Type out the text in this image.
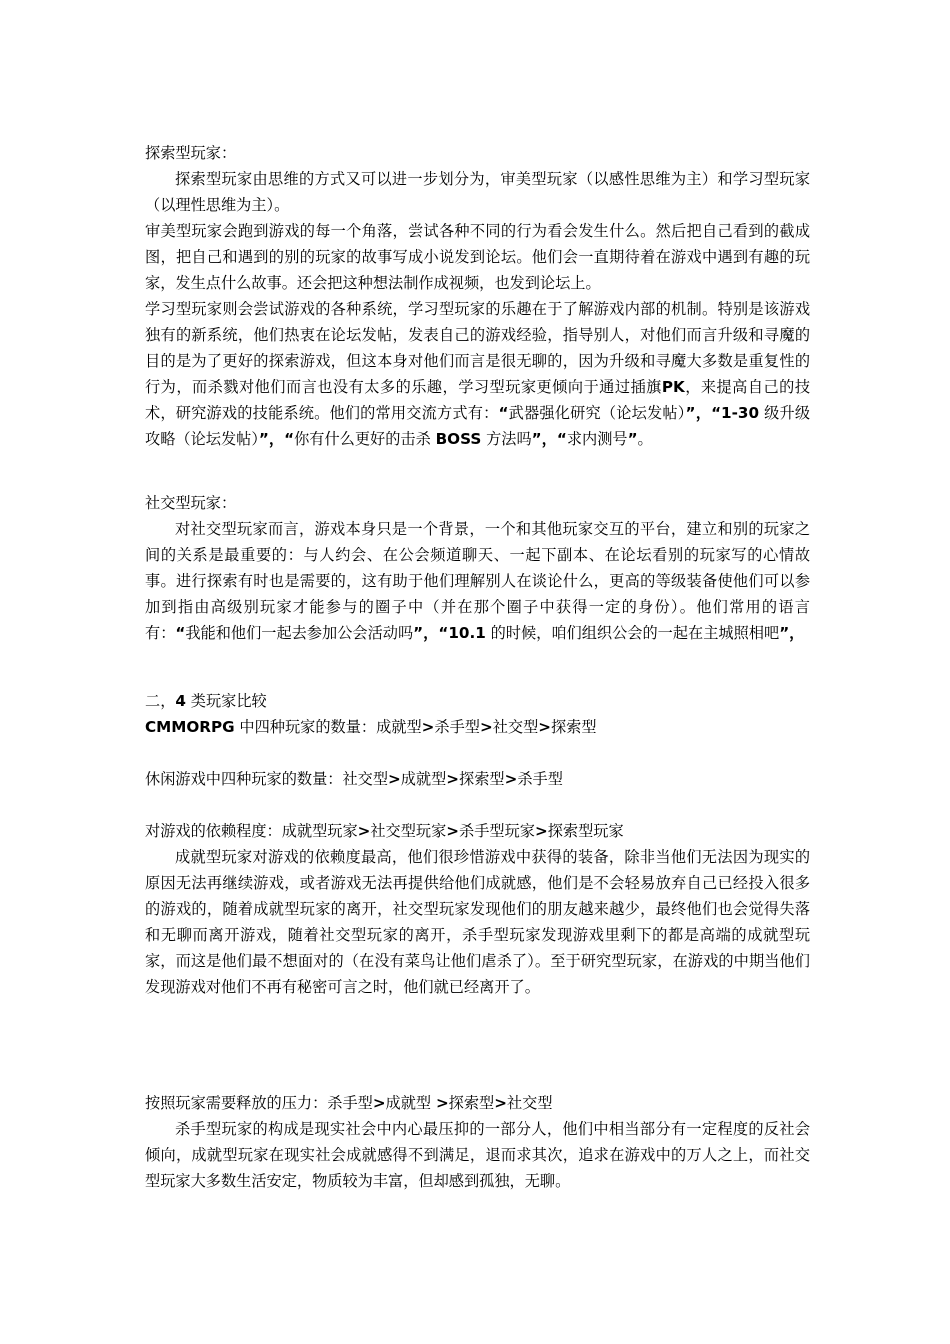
探索型玩家：

探索型玩家由思维的方式又可以进一步划分为，审美型玩家（以感性思维为主）和学习型玩家（以理性思维为主）。

审美型玩家会跑到游戏的每一个角落，尝试各种不同的行为看会发生什么。然后把自己看到的截成图，把自己和遇到的别的玩家的故事写成小说发到论坛。他们会一直期待着在游戏中遇到有趣的玩家，发生点什么故事。还会把这种想法制作成视频，也发到论坛上。

学习型玩家则会尝试游戏的各种系统，学习型玩家的乐趣在于了解游戏内部的机制。特别是该游戏独有的新系统，他们热衷在论坛发帖，发表自己的游戏经验，指导别人，对他们而言升级和寻魔的目的是为了更好的探索游戏，但这本身对他们而言是很无聊的，因为升级和寻魔大多数是重复性的行为，而杀戮对他们而言也没有太多的乐趣，学习型玩家更倾向于通过插旗PK，来提高自己的技术，研究游戏的技能系统。他们的常用交流方式有：“武器强化研究（论坛发帖）”，“1-30 级升级攻略（论坛发帖）”，“你有什么更好的击杀 BOSS 方法吗”，“求内测号”。

社交型玩家：

对社交型玩家而言，游戏本身只是一个背景，一个和其他玩家交互的平台，建立和别的玩家之间的关系是最重要的：与人约会、在公会频道聊天、一起下副本、在论坛看别的玩家写的心情故事。进行探索有时也是需要的，这有助于他们理解别人在谈论什么，更高的等级装备使他们可以参加到指由高级别玩家才能参与的圈子中（并在那个圈子中获得一定的身份）。他们常用的语言有：“我能和他们一起去参加公会活动吗”，“10.1 的时候，咱们组织公会的一起在主城照相吧”，

二，4 类玩家比较
CMMORPG 中四种玩家的数量：成就型>杀手型>社交型>探索型
休闲游戏中四种玩家的数量：社交型>成就型>探索型>杀手型
对游戏的依赖程度：成就型玩家>社交型玩家>杀手型玩家>探索型玩家

成就型玩家对游戏的依赖度最高，他们很珍惜游戏中获得的装备，除非当他们无法因为现实的原因无法再继续游戏，或者游戏无法再提供给他们成就感，他们是不会轻易放弃自己已经投入很多的游戏的，随着成就型玩家的离开，社交型玩家发现他们的朋友越来越少，最终他们也会觉得失落和无聊而离开游戏，随着社交型玩家的离开，杀手型玩家发现游戏里剩下的都是高端的成就型玩家，而这是他们最不想面对的（在没有菜鸟让他们虐杀了）。至于研究型玩家，在游戏的中期当他们发现游戏对他们不再有秘密可言之时，他们就已经离开了。

按照玩家需要释放的压力：杀手型>成就型 >探索型>社交型

杀手型玩家的构成是现实社会中内心最压抑的一部分人，他们中相当部分有一定程度的反社会倾向，成就型玩家在现实社会成就感得不到满足，退而求其次，追求在游戏中的万人之上，而社交型玩家大多数生活安定，物质较为丰富，但却感到孤独，无聊。
